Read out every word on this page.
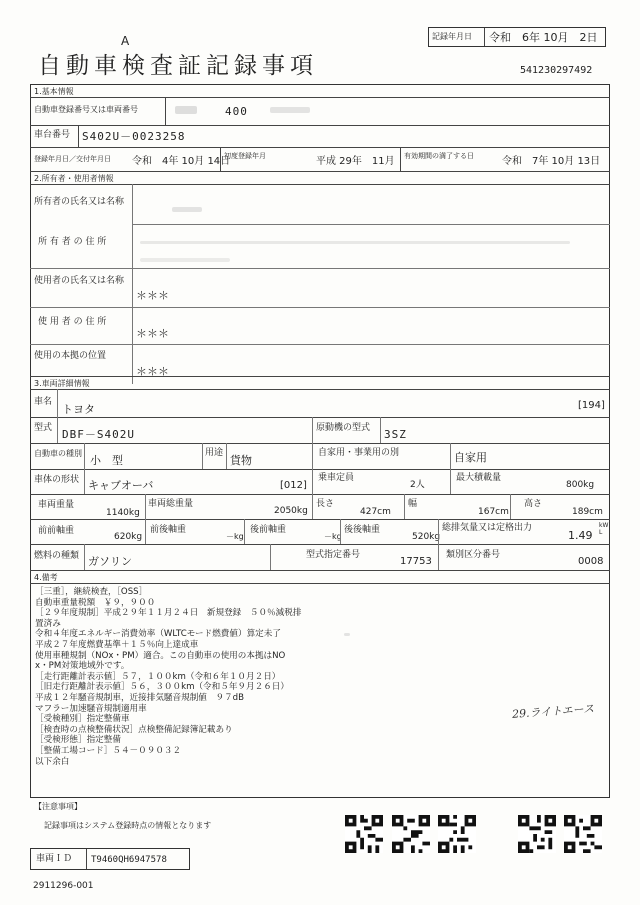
A
自動車検査証記録事項
記録年月日 令和　6年 10月　2日
541230297492
1.基本情報
自動車登録番号又は車両番号	400
車台番号 S402U－0023258
登録年月日／交付年月日 令和　4年 10月 14日
初度登録年月	平成 29年　11月 有効期間の満了する日	令和　7年 10月 13日
2.所有者・使用者情報
所有者の氏名又は名称
所 有 者 の 住 所
使用者の氏名又は名称
＊＊＊
使 用 者 の 住 所
＊＊＊
使用の本拠の位置
＊＊＊
3.車両詳細情報
車名
トヨタ	[194]
型式 DBF－S402U	原動機の型式 3SZ
自動車の種別
小　型
用途
貨物
自家用・事業用の別	自家用
車体の形状 キャブオーバ	[012]
乗車定員
2人
最大積載量
800kg
車両重量
1140kg
車両総重量
2050kg
長さ
427cm
幅
167cm
高さ
189cm
前前軸重
620kg
前後軸重
－kg
後前軸重
－kg
後後軸重
520kg
総排気量又は定格出力
1.49
kW
L
燃料の種類 ガソリン	型式指定番号
17753
類別区分番号
0008
4.備考
［三重］，継続検査，［OSS］
自動車重量税額　￥９，９００
［２９年度規制］平成２９年１１月２４日　新規登録　５０％減税排
置済み
令和４年度エネルギー消費効率（WLTCモード燃費値）算定未了
平成２７年度燃費基準＋１５％向上達成車
使用車種規制（NOx・PM）適合。この自動車の使用の本拠はNO
x・PM対策地域外です。
［走行距離計表示値］５７，１００km（令和６年１０月２日）
［旧走行距離計表示値］５６，３００km（令和５年９月２６日）
平成１２年騒音規制車，近接排気騒音規制値　９７dB
マフラー加速騒音規制適用車
［受検種別］指定整備車
［検査時の点検整備状況］点検整備記録簿記載あり
［受検形態］指定整備
［整備工場コード］５４－０９０３２
以下余白
29.ライトエース
【注意事項】
記録事項はシステム登録時点の情報となります
車両ＩＤ T9460QH6947578
2911296-001
